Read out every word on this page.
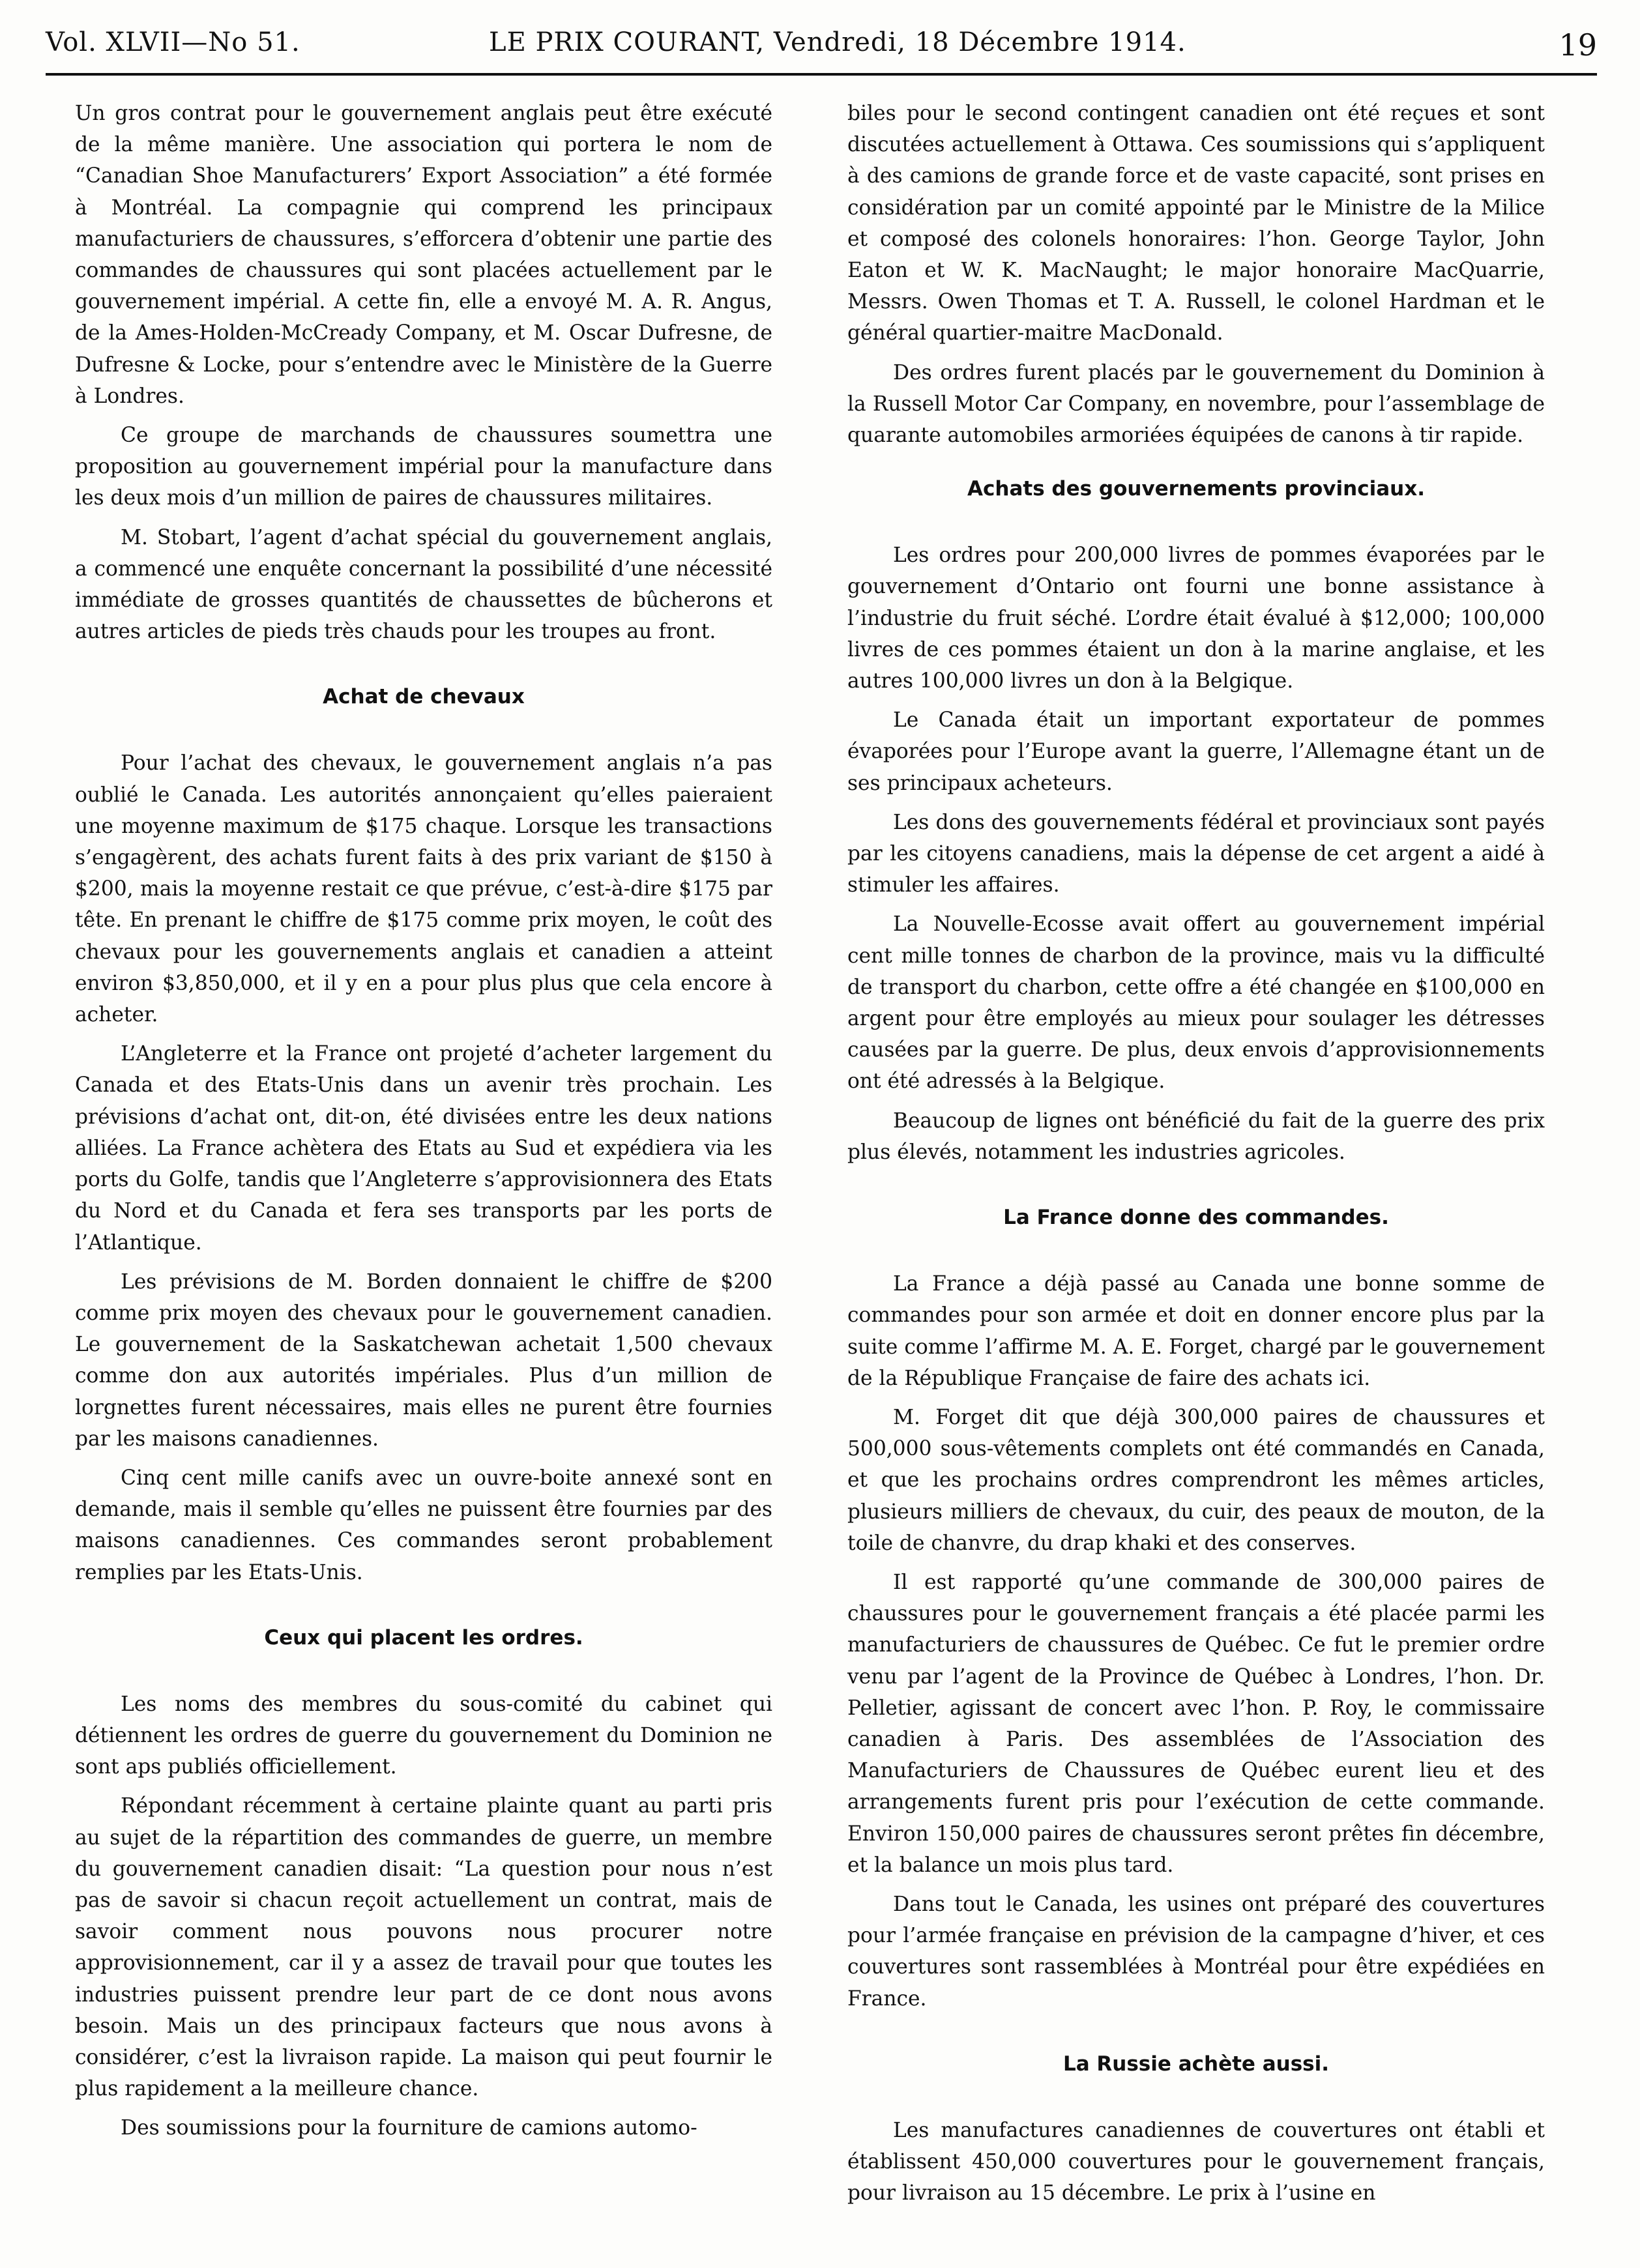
Vol. XLVII—No 51.	LE PRIX COURANT, Vendredi, 18 Décembre 1914.	19

Un gros contrat pour le gouvernement anglais peut être exécuté de la même manière. Une association qui portera le nom de “Canadian Shoe Manufacturers’ Export Association” a été formée à Montréal. La compagnie qui comprend les principaux manufacturiers de chaussures, s’efforcera d’obtenir une partie des commandes de chaussures qui sont placées actuellement par le gouvernement impérial. A cette fin, elle a envoyé M. A. R. Angus, de la Ames-Holden-McCready Company, et M. Oscar Dufresne, de Dufresne & Locke, pour s’entendre avec le Ministère de la Guerre à Londres.

Ce groupe de marchands de chaussures soumettra une proposition au gouvernement impérial pour la manufacture dans les deux mois d’un million de paires de chaussures militaires.

M. Stobart, l’agent d’achat spécial du gouvernement anglais, a commencé une enquête concernant la possibilité d’une nécessité immédiate de grosses quantités de chaussettes de bûcherons et autres articles de pieds très chauds pour les troupes au front.

Achat de chevaux

Pour l’achat des chevaux, le gouvernement anglais n’a pas oublié le Canada. Les autorités annonçaient qu’elles paieraient une moyenne maximum de $175 chaque. Lorsque les transactions s’engagèrent, des achats furent faits à des prix variant de $150 à $200, mais la moyenne restait ce que prévue, c’est-à-dire $175 par tête. En prenant le chiffre de $175 comme prix moyen, le coût des chevaux pour les gouvernements anglais et canadien a atteint environ $3,850,000, et il y en a pour plus plus que cela encore à acheter.

L’Angleterre et la France ont projeté d’acheter largement du Canada et des Etats-Unis dans un avenir très prochain. Les prévisions d’achat ont, dit-on, été divisées entre les deux nations alliées. La France achètera des Etats au Sud et expédiera via les ports du Golfe, tandis que l’Angleterre s’approvisionnera des Etats du Nord et du Canada et fera ses transports par les ports de l’Atlantique.

Les prévisions de M. Borden donnaient le chiffre de $200 comme prix moyen des chevaux pour le gouvernement canadien. Le gouvernement de la Saskatchewan achetait 1,500 chevaux comme don aux autorités impériales. Plus d’un million de lorgnettes furent nécessaires, mais elles ne purent être fournies par les maisons canadiennes.

Cinq cent mille canifs avec un ouvre-boite annexé sont en demande, mais il semble qu’elles ne puissent être fournies par des maisons canadiennes. Ces commandes seront probablement remplies par les Etats-Unis.

Ceux qui placent les ordres.

Les noms des membres du sous-comité du cabinet qui détiennent les ordres de guerre du gouvernement du Dominion ne sont aps publiés officiellement.

Répondant récemment à certaine plainte quant au parti pris au sujet de la répartition des commandes de guerre, un membre du gouvernement canadien disait: “La question pour nous n’est pas de savoir si chacun reçoit actuellement un contrat, mais de savoir comment nous pouvons nous procurer notre approvisionnement, car il y a assez de travail pour que toutes les industries puissent prendre leur part de ce dont nous avons besoin. Mais un des principaux facteurs que nous avons à considérer, c’est la livraison rapide. La maison qui peut fournir le plus rapidement a la meilleure chance.

Des soumissions pour la fourniture de camions automo-

biles pour le second contingent canadien ont été reçues et sont discutées actuellement à Ottawa. Ces soumissions qui s’appliquent à des camions de grande force et de vaste capacité, sont prises en considération par un comité appointé par le Ministre de la Milice et composé des colonels honoraires: l’hon. George Taylor, John Eaton et W. K. MacNaught; le major honoraire MacQuarrie, Messrs. Owen Thomas et T. A. Russell, le colonel Hardman et le général quartier-maitre MacDonald.

Des ordres furent placés par le gouvernement du Dominion à la Russell Motor Car Company, en novembre, pour l’assemblage de quarante automobiles armoriées équipées de canons à tir rapide.

Achats des gouvernements provinciaux.

Les ordres pour 200,000 livres de pommes évaporées par le gouvernement d’Ontario ont fourni une bonne assistance à l’industrie du fruit séché. L’ordre était évalué à $12,000; 100,000 livres de ces pommes étaient un don à la marine anglaise, et les autres 100,000 livres un don à la Belgique.

Le Canada était un important exportateur de pommes évaporées pour l’Europe avant la guerre, l’Allemagne étant un de ses principaux acheteurs.

Les dons des gouvernements fédéral et provinciaux sont payés par les citoyens canadiens, mais la dépense de cet argent a aidé à stimuler les affaires.

La Nouvelle-Ecosse avait offert au gouvernement impérial cent mille tonnes de charbon de la province, mais vu la difficulté de transport du charbon, cette offre a été changée en $100,000 en argent pour être employés au mieux pour soulager les détresses causées par la guerre. De plus, deux envois d’approvisionnements ont été adressés à la Belgique.

Beaucoup de lignes ont bénéficié du fait de la guerre des prix plus élevés, notamment les industries agricoles.

La France donne des commandes.

La France a déjà passé au Canada une bonne somme de commandes pour son armée et doit en donner encore plus par la suite comme l’affirme M. A. E. Forget, chargé par le gouvernement de la République Française de faire des achats ici.

M. Forget dit que déjà 300,000 paires de chaussures et 500,000 sous-vêtements complets ont été commandés en Canada, et que les prochains ordres comprendront les mêmes articles, plusieurs milliers de chevaux, du cuir, des peaux de mouton, de la toile de chanvre, du drap khaki et des conserves.

Il est rapporté qu’une commande de 300,000 paires de chaussures pour le gouvernement français a été placée parmi les manufacturiers de chaussures de Québec. Ce fut le premier ordre venu par l’agent de la Province de Québec à Londres, l’hon. Dr. Pelletier, agissant de concert avec l’hon. P. Roy, le commissaire canadien à Paris. Des assemblées de l’Association des Manufacturiers de Chaussures de Québec eurent lieu et des arrangements furent pris pour l’exécution de cette commande. Environ 150,000 paires de chaussures seront prêtes fin décembre, et la balance un mois plus tard.

Dans tout le Canada, les usines ont préparé des couvertures pour l’armée française en prévision de la campagne d’hiver, et ces couvertures sont rassemblées à Montréal pour être expédiées en France.

La Russie achète aussi.

Les manufactures canadiennes de couvertures ont établi et établissent 450,000 couvertures pour le gouvernement français, pour livraison au 15 décembre. Le prix à l’usine en
